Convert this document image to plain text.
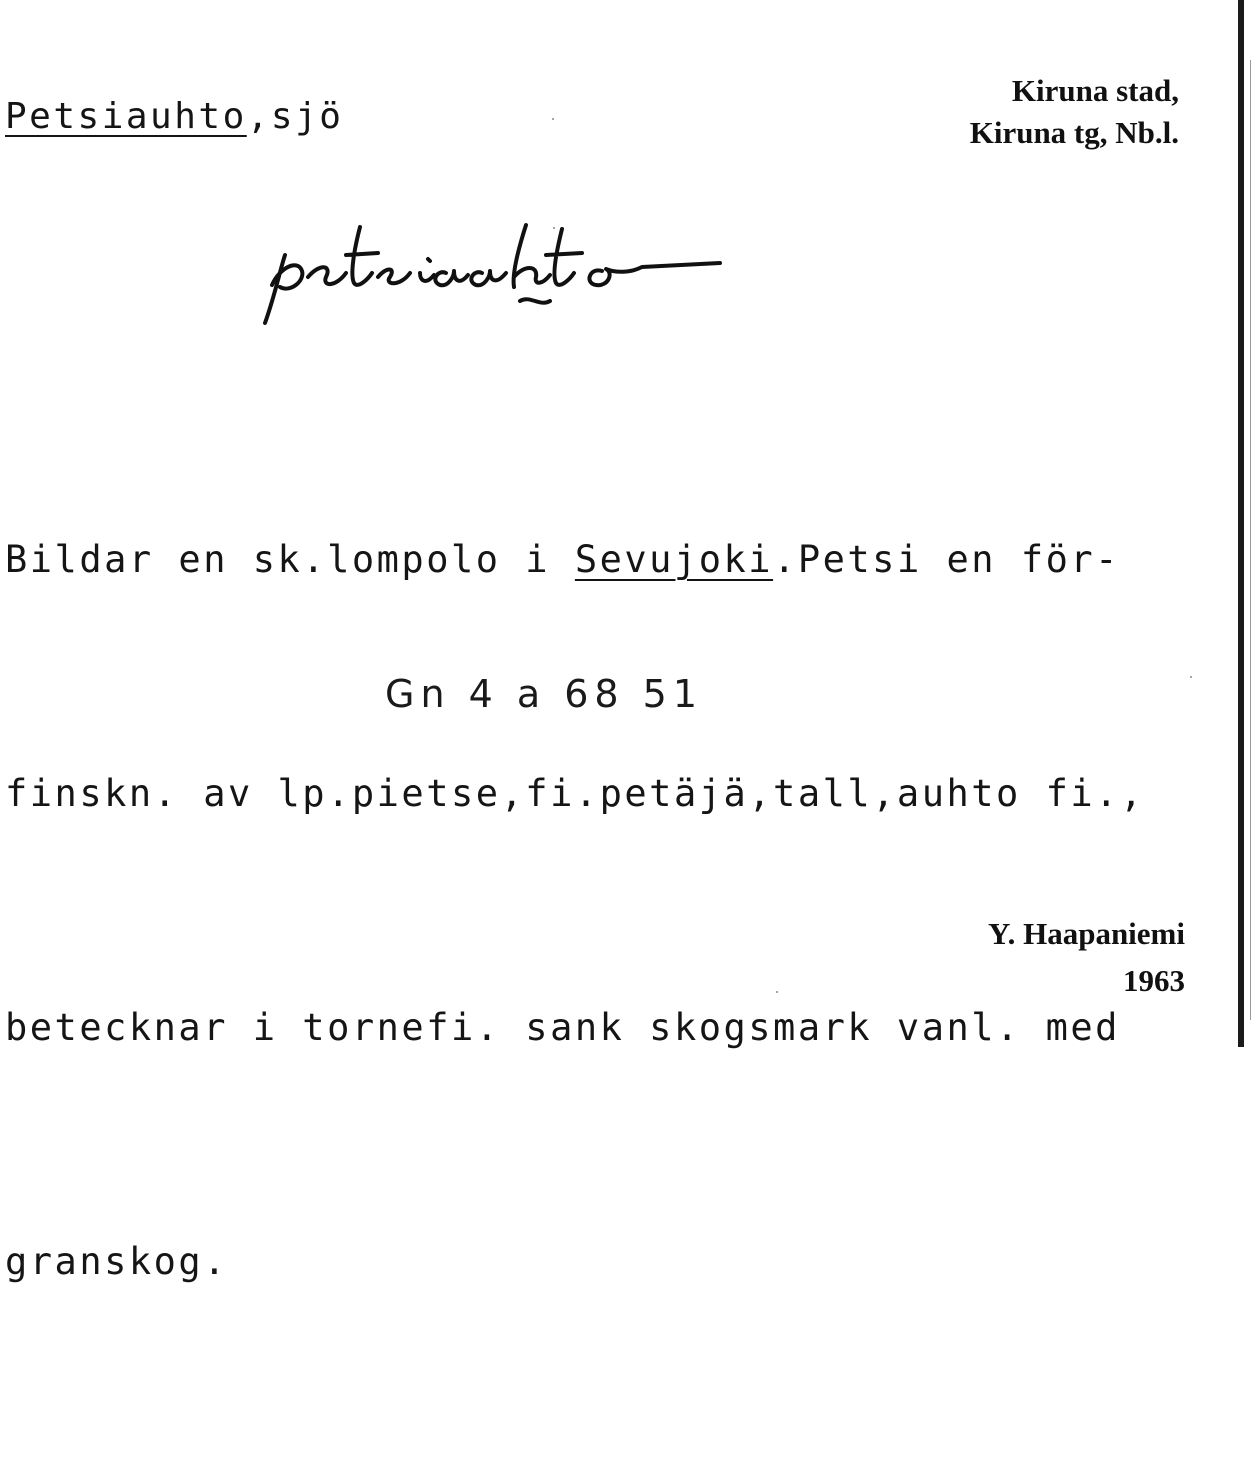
Petsiauhto,sjö
Kiruna stad,
Kiruna tg, Nb.l.
petsiauhto

Bildar en sk.lompolo i Sevujoki.Petsi en för-

finskn. av lp.pietse,fi.petäjä,tall,auhto fi.,

betecknar i tornefi. sank skogsmark vanl. med

granskog.

Gn 4 a 68 51
Y. Haapaniemi
1963
